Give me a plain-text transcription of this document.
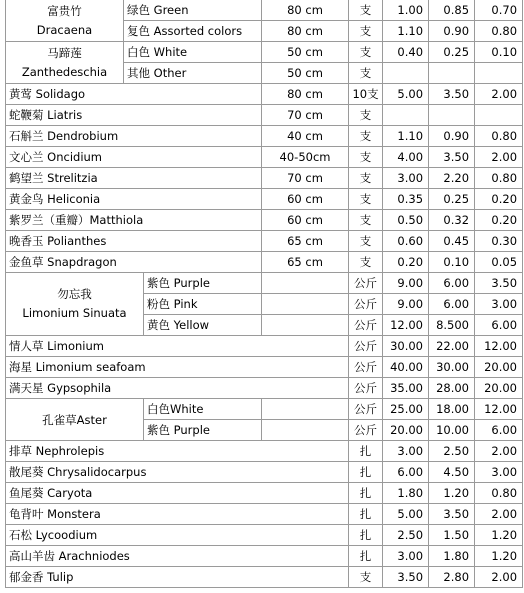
富贵竹
Dracaena	绿色 Green		80 cm	支	1.00	0.85	0.70
	复色 Assorted colors		80 cm	支	1.10	0.90	0.80

马蹄莲
Zanthedeschia	白色 White		50 cm	支	0.40	0.25	0.10
	其他 Other		50 cm	支			
黄莺 Solidago			80 cm	10支	5.00	3.50	2.00
蛇鞭菊 Liatris			70 cm	支			
石斛兰 Dendrobium			40 cm	支	1.10	0.90	0.80
文心兰 Oncidium			40-50cm	支	4.00	3.50	2.00
鹤望兰 Strelitzia			70 cm	支	3.00	2.20	0.80
黄金鸟 Heliconia			60 cm	支	0.35	0.25	0.20
紫罗兰（重瓣）Matthiola			60 cm	支	0.50	0.32	0.20
晚香玉 Polianthes			65 cm	支	0.60	0.45	0.30
金鱼草 Snapdragon			65 cm	支	0.20	0.10	0.05

勿忘我
Limonium Sinuata		紫色 Purple		公斤	9.00	6.00	3.50
		粉色 Pink		公斤	9.00	6.00	3.00
		黄色 Yellow		公斤	12.00	8.500	6.00
情人草 Limonium				公斤	30.00	22.00	12.00
海星 Limonium seafoam				公斤	40.00	30.00	20.00
满天星 Gypsophila				公斤	35.00	28.00	20.00
孔雀草Aster		白色White		公斤	25.00	18.00	12.00
		紫色 Purple		公斤	20.00	10.00	6.00
排草 Nephrolepis				扎	3.00	2.50	2.00
散尾葵 Chrysalidocarpus				扎	6.00	4.50	3.00
鱼尾葵 Caryota				扎	1.80	1.20	0.80
龟背叶 Monstera				扎	5.00	3.50	2.00
石松 Lycoodium				扎	2.50	1.50	1.20
高山羊齿 Arachniodes				扎	3.00	1.80	1.20
郁金香 Tulip				支	3.50	2.80	2.00
